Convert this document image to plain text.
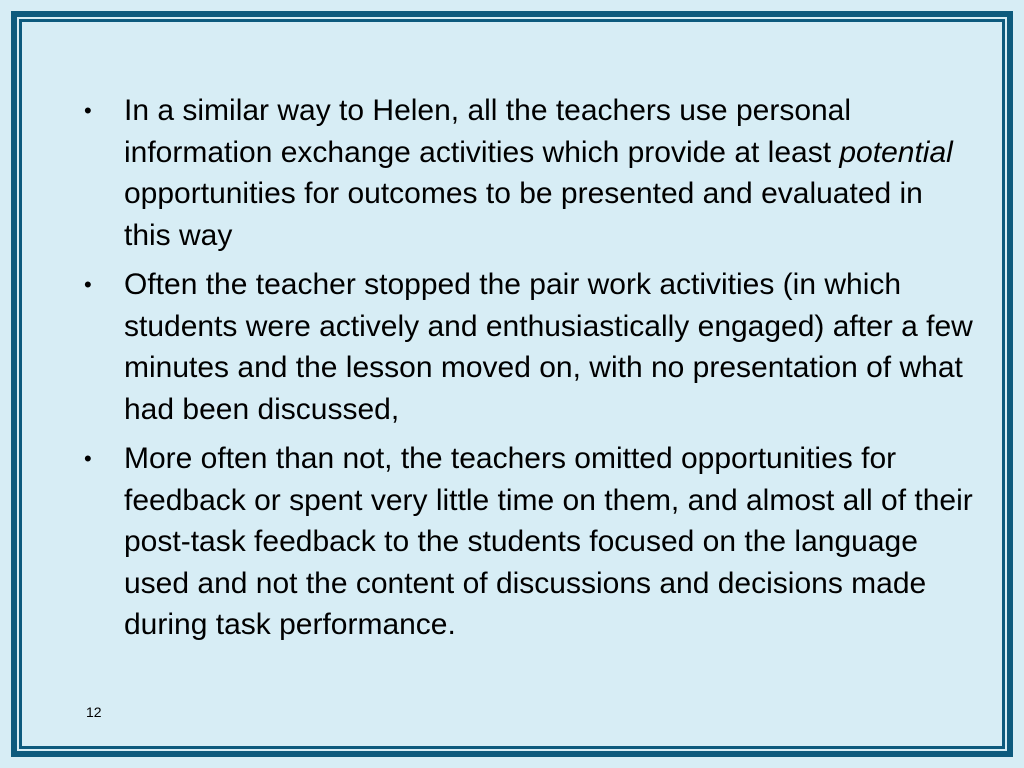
•	In a similar way to Helen, all the teachers use personal information exchange activities which provide at least potential opportunities for outcomes to be presented and evaluated in this way
•	Often the teacher stopped the pair work activities (in which students were actively and enthusiastically engaged) after a few minutes and the lesson moved on, with no presentation of what had been discussed,
•	More often than not, the teachers omitted opportunities for feedback or spent very little time on them, and almost all of their post-task feedback to the students focused on the language used and not the content of discussions and decisions made during task performance.
12
